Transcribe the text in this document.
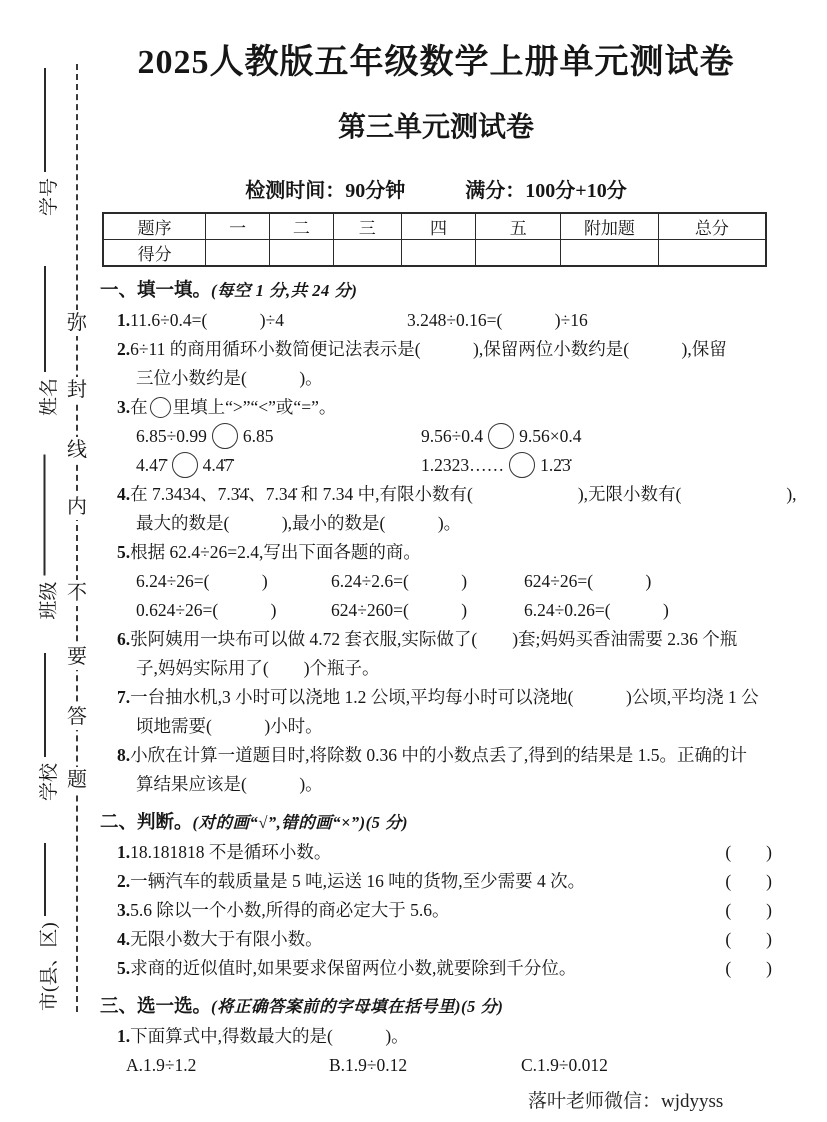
弥
封
线
内
不
要
答
题
学号
姓名
班级
学校
市(县、区)
2025人教版五年级数学上册单元测试卷
第三单元测试卷
检测时间：90分钟　　　满分：100分+10分
题序	一	二	三	四	五	附加题	总分
得分							
一、填一填。(每空 1 分,共 24 分)
1.11.6÷0.4=(　　　)÷4	3.248÷0.16=(　　　)÷16
2.6÷11 的商用循环小数简便记法表示是(　　　),保留两位小数约是(　　　),保留
三位小数约是(　　　)。
3.在 里填上“>”“<”或“=”。
6.85÷0.99 6.85	9.56÷0.4 9.56×0.4
4.47̇ 4.4̇7̇	1.2323…… 1.2̇3̇
4.在 7.3434、7.3̇4̇、7.34̇ 和 7.34 中,有限小数有(　　　　　　),无限小数有(　　　　　　),
最大的数是(　　　),最小的数是(　　　)。
5.根据 62.4÷26=2.4,写出下面各题的商。
6.24÷26=(　　　)	6.24÷2.6=(　　　)	624÷26=(　　　)
0.624÷26=(　　　)	624÷260=(　　　)	6.24÷0.26=(　　　)
6.张阿姨用一块布可以做 4.72 套衣服,实际做了(　　)套;妈妈买香油需要 2.36 个瓶
子,妈妈实际用了(　　)个瓶子。
7.一台抽水机,3 小时可以浇地 1.2 公顷,平均每小时可以浇地(　　　)公顷,平均浇 1 公
顷地需要(　　　)小时。
8.小欣在计算一道题目时,将除数 0.36 中的小数点丢了,得到的结果是 1.5。正确的计
算结果应该是(　　　)。
二、判断。(对的画“√”,错的画“×”)(5 分)
1.18.181818 不是循环小数。	(　　)
2.一辆汽车的载质量是 5 吨,运送 16 吨的货物,至少需要 4 次。	(　　)
3.5.6 除以一个小数,所得的商必定大于 5.6。	(　　)
4.无限小数大于有限小数。	(　　)
5.求商的近似值时,如果要求保留两位小数,就要除到千分位。	(　　)
三、选一选。(将正确答案前的字母填在括号里)(5 分)
1.下面算式中,得数最大的是(　　　)。
A.1.9÷1.2	B.1.9÷0.12	C.1.9÷0.012
落叶老师微信：wjdyyss
